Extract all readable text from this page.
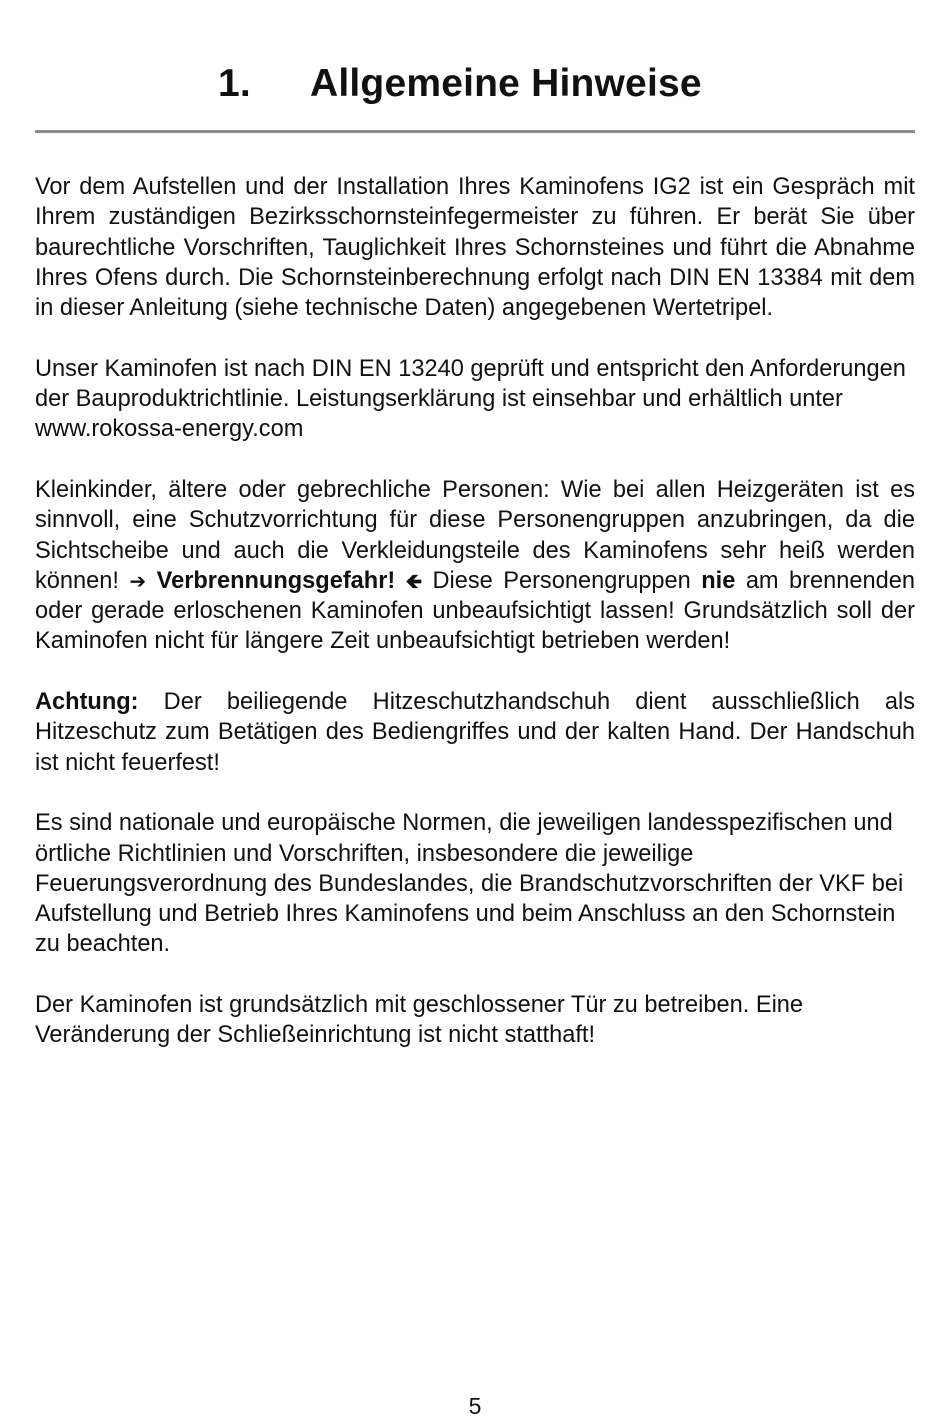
1. Allgemeine Hinweise

Vor dem Aufstellen und der Installation Ihres Kaminofens IG2 ist ein Gespräch mit Ihrem zuständigen Bezirksschornsteinfegermeister zu führen. Er berät Sie über baurechtliche Vorschriften, Tauglichkeit Ihres Schornsteines und führt die Abnahme Ihres Ofens durch. Die Schornsteinberechnung erfolgt nach DIN EN 13384 mit dem in dieser Anleitung (siehe technische Daten) angegebenen Wertetripel.

Unser Kaminofen ist nach DIN EN 13240 geprüft und entspricht den Anforderungen der Bauproduktrichtlinie. Leistungserklärung ist einsehbar und erhältlich unter www.rokossa-energy.com

Kleinkinder, ältere oder gebrechliche Personen: Wie bei allen Heizgeräten ist es sinnvoll, eine Schutzvorrichtung für diese Personengruppen anzubringen, da die Sichtscheibe und auch die Verkleidungsteile des Kaminofens sehr heiß werden können! ➔ Verbrennungsgefahr! 🡸 Diese Personengruppen nie am brennenden oder gerade erloschenen Kaminofen unbeaufsichtigt lassen! Grundsätzlich soll der Kaminofen nicht für längere Zeit unbeaufsichtigt betrieben werden!

Achtung: Der beiliegende Hitzeschutzhandschuh dient ausschließlich als Hitzeschutz zum Betätigen des Bediengriffes und der kalten Hand. Der Handschuh ist nicht feuerfest!

Es sind nationale und europäische Normen, die jeweiligen landesspezifischen und örtliche Richtlinien und Vorschriften, insbesondere die jeweilige Feuerungsverordnung des Bundeslandes, die Brandschutzvorschriften der VKF bei Aufstellung und Betrieb Ihres Kaminofens und beim Anschluss an den Schornstein zu beachten.

Der Kaminofen ist grundsätzlich mit geschlossener Tür zu betreiben. Eine Veränderung der Schließeinrichtung ist nicht statthaft!

5
